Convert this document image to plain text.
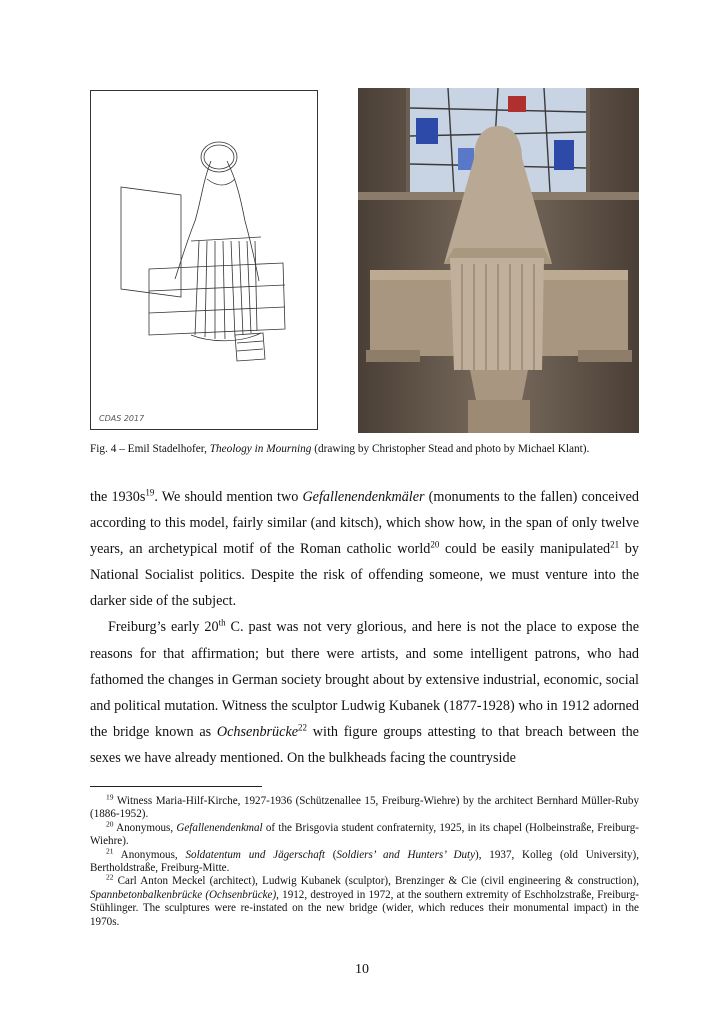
CDAS 2017
Fig. 4 – Emil Stadelhofer, Theology in Mourning (drawing by Christopher Stead and photo by Michael Klant).

the $1930s^{19}$. We should mention two Gefallenendenkmäler (monuments to the fallen) conceived according to this model, fairly similar (and kitsch), which show how, in the span of only twelve years, an archetypical motif of the Roman catholic world$^{20}$ could be easily manipulated$^{21}$ by National Socialist politics. Despite the risk of offending someone, we must venture into the darker side of the subject.

Freiburg’s early 20th C. past was not very glorious, and here is not the place to expose the reasons for that affirmation; but there were artists, and some intelligent patrons, who had fathomed the changes in German society brought about by extensive industrial, economic, social and political mutation. Witness the sculptor Ludwig Kubanek (1877-1928) who in 1912 adorned the bridge known as Ochsenbrücke$^{22}$ with figure groups attesting to that breach between the sexes we have already mentioned. On the bulkheads facing the countryside

$^{19}$ Witness Maria-Hilf-Kirche, 1927-1936 (Schützenallee 15, Freiburg-Wiehre) by the architect Bernhard Müller-Ruby (1886-1952).

$^{20}$ Anonymous, Gefallenendenkmal of the Brisgovia student confraternity, 1925, in its chapel (Holbeinstraße, Freiburg-Wiehre).

$^{21}$ Anonymous, Soldatentum und Jägerschaft (Soldiers’ and Hunters’ Duty), 1937, Kolleg (old University), Bertholdstraße, Freiburg-Mitte.

$^{22}$ Carl Anton Meckel (architect), Ludwig Kubanek (sculptor), Brenzinger & Cie (civil engineering & construction), Spannbetonbalkenbrücke (Ochsenbrücke), 1912, destroyed in 1972, at the southern extremity of Eschholzstraße, Freiburg-Stühlinger. The sculptures were re-instated on the new bridge (wider, which reduces their monumental impact) in the 1970s.

10
